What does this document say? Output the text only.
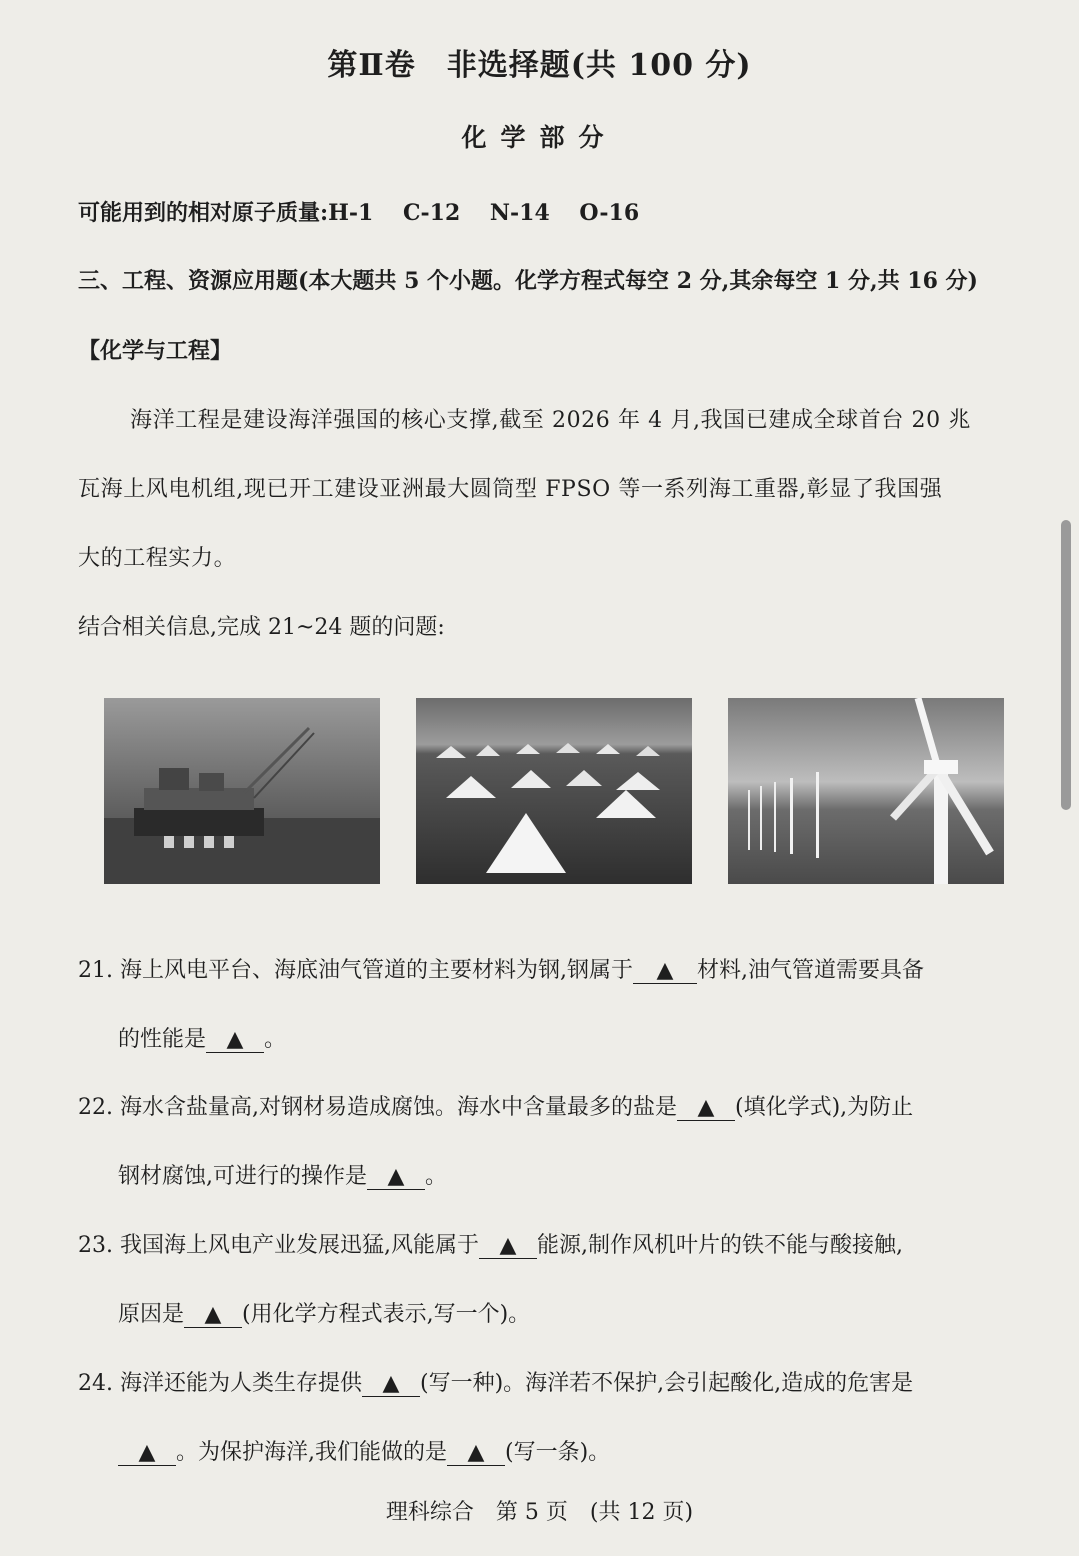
第Ⅱ卷　非选择题(共 100 分)
化学部分
可能用到的相对原子质量:H-1　 C-12　 N-14　 O-16
三、工程、资源应用题(本大题共 5 个小题。化学方程式每空 2 分,其余每空 1 分,共 16 分)
【化学与工程】
海洋工程是建设海洋强国的核心支撑,截至 2026 年 4 月,我国已建成全球首台 20 兆
瓦海上风电机组,现已开工建设亚洲最大圆筒型 FPSO 等一系列海工重器,彰显了我国强
大的工程实力。
结合相关信息,完成 21~24 题的问题:
21. 海上风电平台、海底油气管道的主要材料为钢,钢属于 ▲ 材料,油气管道需要具备
的性能是 ▲ 。
22. 海水含盐量高,对钢材易造成腐蚀。海水中含量最多的盐是 ▲ (填化学式),为防止
钢材腐蚀,可进行的操作是 ▲ 。
23. 我国海上风电产业发展迅猛,风能属于 ▲ 能源,制作风机叶片的铁不能与酸接触,
原因是 ▲ (用化学方程式表示,写一个)。
24. 海洋还能为人类生存提供 ▲ (写一种)。海洋若不保护,会引起酸化,造成的危害是
▲ 。为保护海洋,我们能做的是 ▲ (写一条)。
理科综合　第 5 页　(共 12 页)
